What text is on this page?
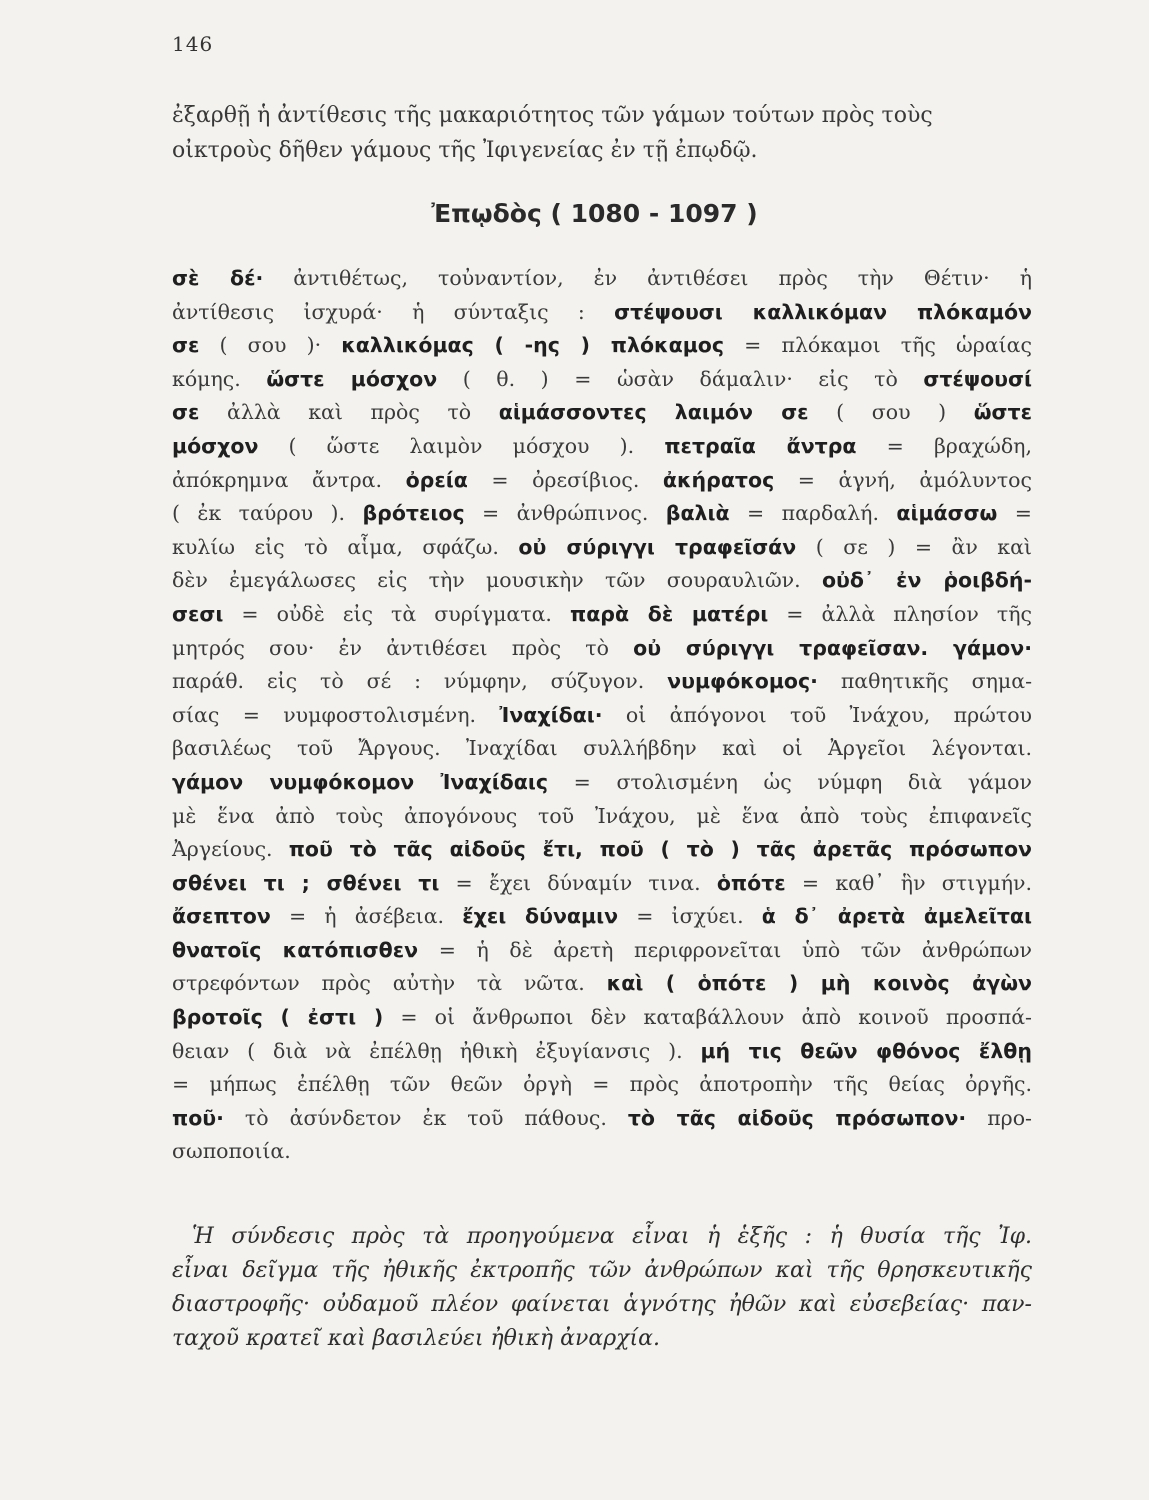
146
ἐξαρθῇ ἡ ἀντίθεσις τῆς μακαριότητος τῶν γάμων τούτων πρὸς τοὺς
οἰκτροὺς δῆθεν γάμους τῆς Ἰφιγενείας ἐν τῇ ἐπῳδῷ.
Ἐπῳδὸς ( 1080 - 1097 )
σὲ δέ· ἀντιθέτως, τοὐναντίον, ἐν ἀντιθέσει πρὸς τὴν Θέτιν· ἡ
ἀντίθεσις ἰσχυρά· ἡ σύνταξις : στέψουσι καλλικόμαν πλόκαμόν
σε ( σου )· καλλικόμας ( -ης ) πλόκαμος = πλόκαμοι τῆς ὡραίας
κόμης. ὥστε μόσχον ( θ. ) = ὡσὰν δάμαλιν· εἰς τὸ στέψουσί
σε ἀλλὰ καὶ πρὸς τὸ αἱμάσσοντες λαιμόν σε ( σου ) ὥστε
μόσχον ( ὥστε λαιμὸν μόσχου ). πετραῖα ἄντρα = βραχώδη,
ἀπόκρημνα ἄντρα. ὀρεία = ὀρεσίβιος. ἀκήρατος = ἁγνή, ἀμόλυντος
( ἐκ ταύρου ). βρότειος = ἀνθρώπινος. βαλιὰ = παρδαλή. αἱμάσσω =
κυλίω εἰς τὸ αἷμα, σφάζω. οὐ σύριγγι τραφεῖσάν ( σε ) = ἂν καὶ
δὲν ἐμεγάλωσες εἰς τὴν μουσικὴν τῶν σουραυλιῶν. οὐδ᾽ ἐν ῥοιβδή-
σεσι = οὐδὲ εἰς τὰ συρίγματα. παρὰ δὲ ματέρι = ἀλλὰ πλησίον τῆς
μητρός σου· ἐν ἀντιθέσει πρὸς τὸ οὐ σύριγγι τραφεῖσαν. γάμον·
παράθ. εἰς τὸ σέ : νύμφην, σύζυγον. νυμφόκομος· παθητικῆς σημα-
σίας = νυμφοστολισμένη. Ἰναχίδαι· οἱ ἀπόγονοι τοῦ Ἰνάχου, πρώτου
βασιλέως τοῦ Ἄργους. Ἰναχίδαι συλλήβδην καὶ οἱ Ἀργεῖοι λέγονται.
γάμον νυμφόκομον Ἰναχίδαις = στολισμένη ὡς νύμφη διὰ γάμον
μὲ ἕνα ἀπὸ τοὺς ἀπογόνους τοῦ Ἰνάχου, μὲ ἕνα ἀπὸ τοὺς ἐπιφανεῖς
Ἀργείους. ποῦ τὸ τᾶς αἰδοῦς ἔτι, ποῦ ( τὸ ) τᾶς ἀρετᾶς πρόσωπον
σθένει τι ; σθένει τι = ἔχει δύναμίν τινα. ὁπότε = καθ᾽ ἣν στιγμήν.
ἄσεπτον = ἡ ἀσέβεια. ἔχει δύναμιν = ἰσχύει. ἁ δ᾽ ἀρετὰ ἀμελεῖται
θνατοῖς κατόπισθεν = ἡ δὲ ἀρετὴ περιφρονεῖται ὑπὸ τῶν ἀνθρώπων
στρεφόντων πρὸς αὐτὴν τὰ νῶτα. καὶ ( ὁπότε ) μὴ κοινὸς ἀγὼν
βροτοῖς ( ἐστι ) = οἱ ἄνθρωποι δὲν καταβάλλουν ἀπὸ κοινοῦ προσπά-
θειαν ( διὰ νὰ ἐπέλθῃ ἠθικὴ ἐξυγίανσις ). μή τις θεῶν φθόνος ἔλθῃ
= μήπως ἐπέλθῃ τῶν θεῶν ὀργὴ = πρὸς ἀποτροπὴν τῆς θείας ὀργῆς.
ποῦ· τὸ ἀσύνδετον ἐκ τοῦ πάθους. τὸ τᾶς αἰδοῦς πρόσωπον· προ-
σωποποιία.
Ἡ σύνδεσις πρὸς τὰ προηγούμενα εἶναι ἡ ἑξῆς : ἡ θυσία τῆς Ἰφ.
εἶναι δεῖγμα τῆς ἠθικῆς ἐκτροπῆς τῶν ἀνθρώπων καὶ τῆς θρησκευτικῆς
διαστροφῆς· οὐδαμοῦ πλέον φαίνεται ἁγνότης ἠθῶν καὶ εὐσεβείας· παν-
ταχοῦ κρατεῖ καὶ βασιλεύει ἠθικὴ ἀναρχία.
